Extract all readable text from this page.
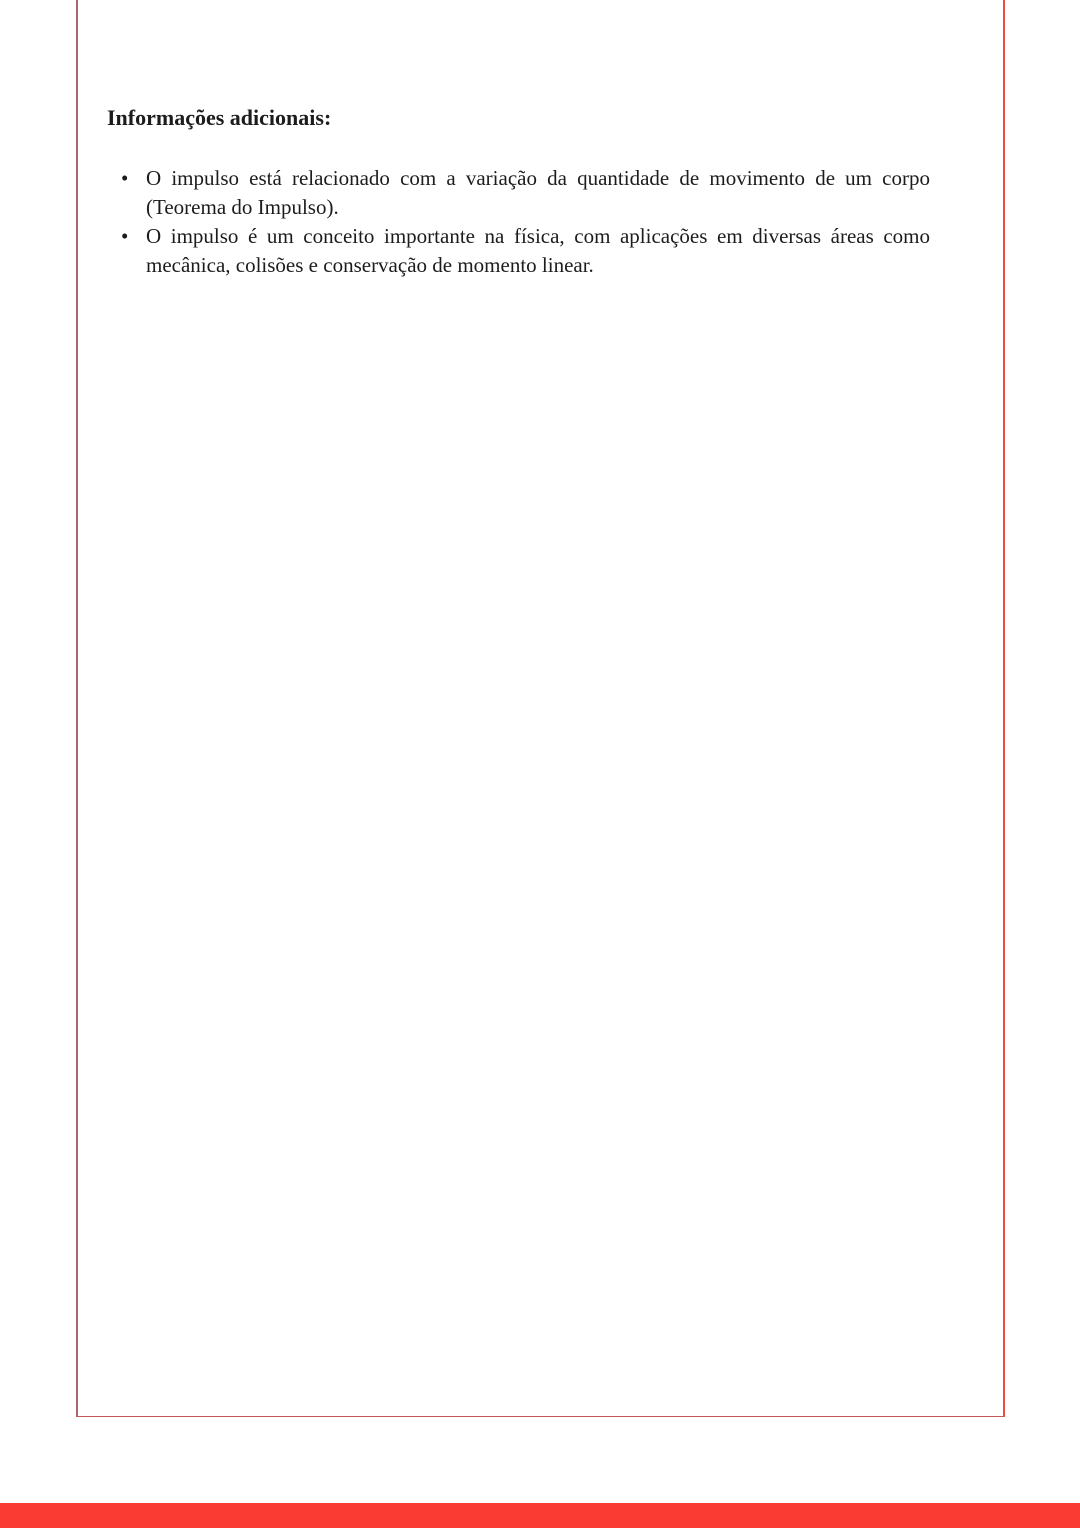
Informações adicionais:
• O impulso está relacionado com a variação da quantidade de movimento de um corpo (Teorema do Impulso).
• O impulso é um conceito importante na física, com aplicações em diversas áreas como mecânica, colisões e conservação de momento linear.
